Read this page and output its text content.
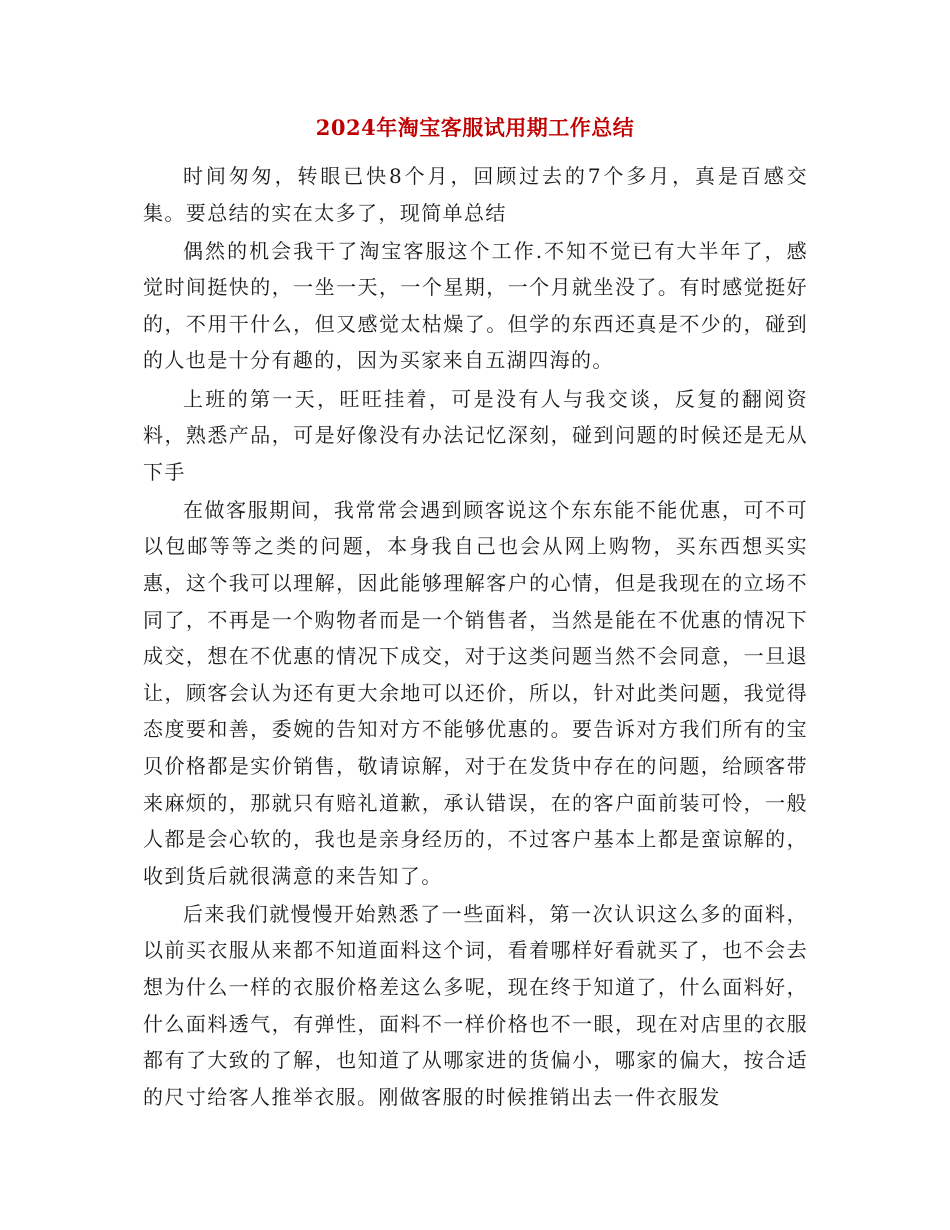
2024年淘宝客服试用期工作总结

时间匆匆，转眼已快8个月，回顾过去的7个多月，真是百感交集。要总结的实在太多了，现简单总结

偶然的机会我干了淘宝客服这个工作.不知不觉已有大半年了，感觉时间挺快的，一坐一天，一个星期，一个月就坐没了。有时感觉挺好的，不用干什么，但又感觉太枯燥了。但学的东西还真是不少的，碰到的人也是十分有趣的，因为买家来自五湖四海的。

上班的第一天，旺旺挂着，可是没有人与我交谈，反复的翻阅资料，熟悉产品，可是好像没有办法记忆深刻，碰到问题的时候还是无从下手

在做客服期间，我常常会遇到顾客说这个东东能不能优惠，可不可以包邮等等之类的问题，本身我自己也会从网上购物，买东西想买实惠，这个我可以理解，因此能够理解客户的心情，但是我现在的立场不同了，不再是一个购物者而是一个销售者，当然是能在不优惠的情况下成交，想在不优惠的情况下成交，对于这类问题当然不会同意，一旦退让，顾客会认为还有更大余地可以还价，所以，针对此类问题，我觉得态度要和善，委婉的告知对方不能够优惠的。要告诉对方我们所有的宝贝价格都是实价销售，敬请谅解，对于在发货中存在的问题，给顾客带来麻烦的，那就只有赔礼道歉，承认错误，在的客户面前装可怜，一般人都是会心软的，我也是亲身经历的，不过客户基本上都是蛮谅解的，收到货后就很满意的来告知了。

后来我们就慢慢开始熟悉了一些面料，第一次认识这么多的面料，以前买衣服从来都不知道面料这个词，看着哪样好看就买了，也不会去想为什么一样的衣服价格差这么多呢，现在终于知道了，什么面料好，什么面料透气，有弹性，面料不一样价格也不一眼，现在对店里的衣服都有了大致的了解，也知道了从哪家进的货偏小，哪家的偏大，按合适的尺寸给客人推举衣服。刚做客服的时候推销出去一件衣服发
